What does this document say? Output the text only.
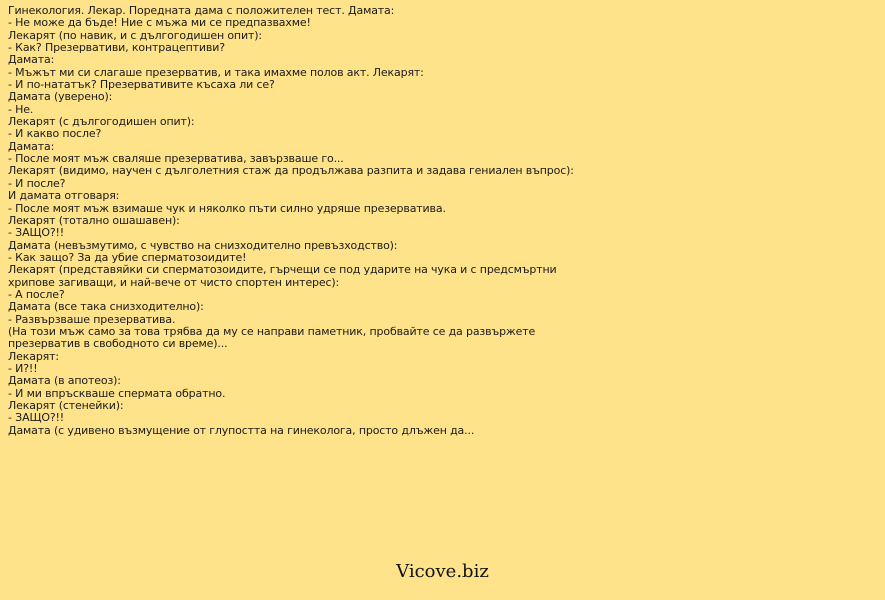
Гинекология. Лекар. Поредната дама с положителен тест. Дамата:
- Не може да бъде! Ние с мъжа ми се предпазвахме!
Лекарят (по навик, и с дългогодишен опит):
- Как? Презервативи, контрацептиви?
Дамата:
- Мъжът ми си слагаше презерватив, и така имахме полов акт. Лекарят:
- И по-нататък? Презервативите късаха ли се?
Дамата (уверено):
- Не.
Лекарят (с дългогодишен опит):
- И какво после?
Дамата:
- После моят мъж сваляше презерватива, завързваше го...
Лекарят (видимо, научен с дълголетния стаж да продължава разпита и задава гениален въпрос):
- И после?
И дамата отговаря:
- После моят мъж взимаше чук и няколко пъти силно удряше презерватива.
Лекарят (тотално ошашавен):
- ЗАЩО?!!
Дамата (невъзмутимо, с чувство на снизходително превъзходство):
- Как защо? За да убие сперматозоидите!
Лекарят (представяйки си сперматозоидите, гърчещи се под ударите на чука и с предсмъртни
хрипове загиващи, и най-вече от чисто спортен интерес):
- А после?
Дамата (все така снизходително):
- Развързваше презерватива.
(На този мъж само за това трябва да му се направи паметник, пробвайте се да развържете
презерватив в свободното си време)...
Лекарят:
- И?!!
Дамата (в апотеоз):
- И ми впръскваше спермата обратно.
Лекарят (стенейки):
- ЗАЩО?!!
Дамата (с удивено възмущение от глупостта на гинеколога, просто длъжен да...
Vicove.biz
